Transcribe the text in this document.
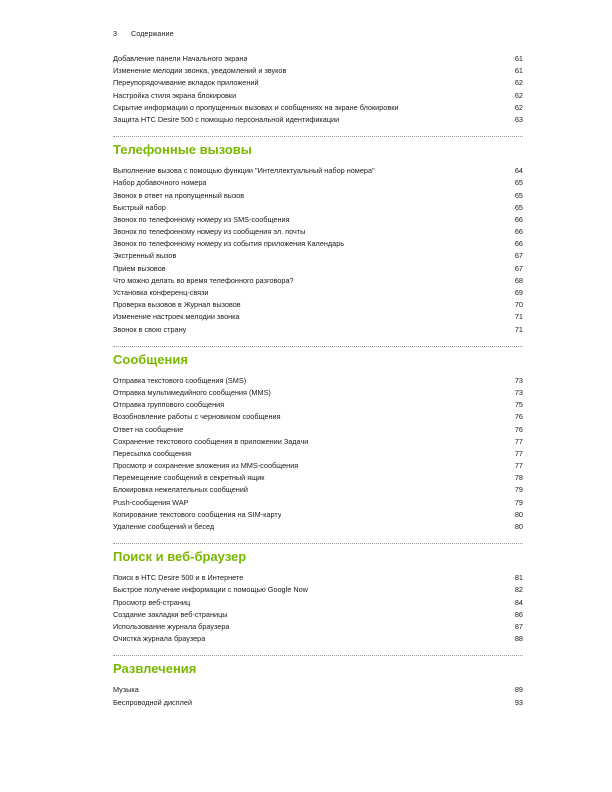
3 Содержание
Добавление панели Начального экрана	61
Изменение мелодии звонка, уведомлений и звуков	61
Переупорядочивание вкладок приложений	62
Настройка стиля экрана блокировки	62
Скрытие информации о пропущенных вызовах и сообщениях на экране блокировки	62
Защита HTC Desire 500 с помощью персональной идентификации	63
Телефонные вызовы
Выполнение вызова с помощью функции "Интеллектуальный набор номера"	64
Набор добавочного номера	65
Звонок в ответ на пропущенный вызов	65
Быстрый набор	65
Звонок по телефонному номеру из SMS-сообщения	66
Звонок по телефонному номеру из сообщения эл. почты	66
Звонок по телефонному номеру из события приложения Календарь	66
Экстренный вызов	67
Прием вызовов	67
Что можно делать во время телефонного разговора?	68
Установка конференц-связи	69
Проверка вызовов в Журнал вызовов	70
Изменение настроек мелодии звонка	71
Звонок в свою страну	71
Сообщения
Отправка текстового сообщения (SMS)	73
Отправка мультимедийного сообщения (MMS)	73
Отправка группового сообщения	75
Возобновление работы с черновиком сообщения	76
Ответ на сообщение	76
Сохранение текстового сообщения в приложении Задачи	77
Пересылка сообщения	77
Просмотр и сохранение вложения из MMS-сообщения	77
Перемещение сообщений в секретный ящик	78
Блокировка нежелательных сообщений	79
Push-сообщения WAP	79
Копирование текстового сообщения на SIM-карту	80
Удаление сообщений и бесед	80
Поиск и веб-браузер
Поиск в HTC Desire 500 и в Интернете	81
Быстрое получение информации с помощью Google Now	82
Просмотр веб-страниц	84
Создание закладки веб-страницы	86
Использование журнала браузера	87
Очистка журнала браузера	88
Развлечения
Музыка	89
Беспроводной дисплей	93
